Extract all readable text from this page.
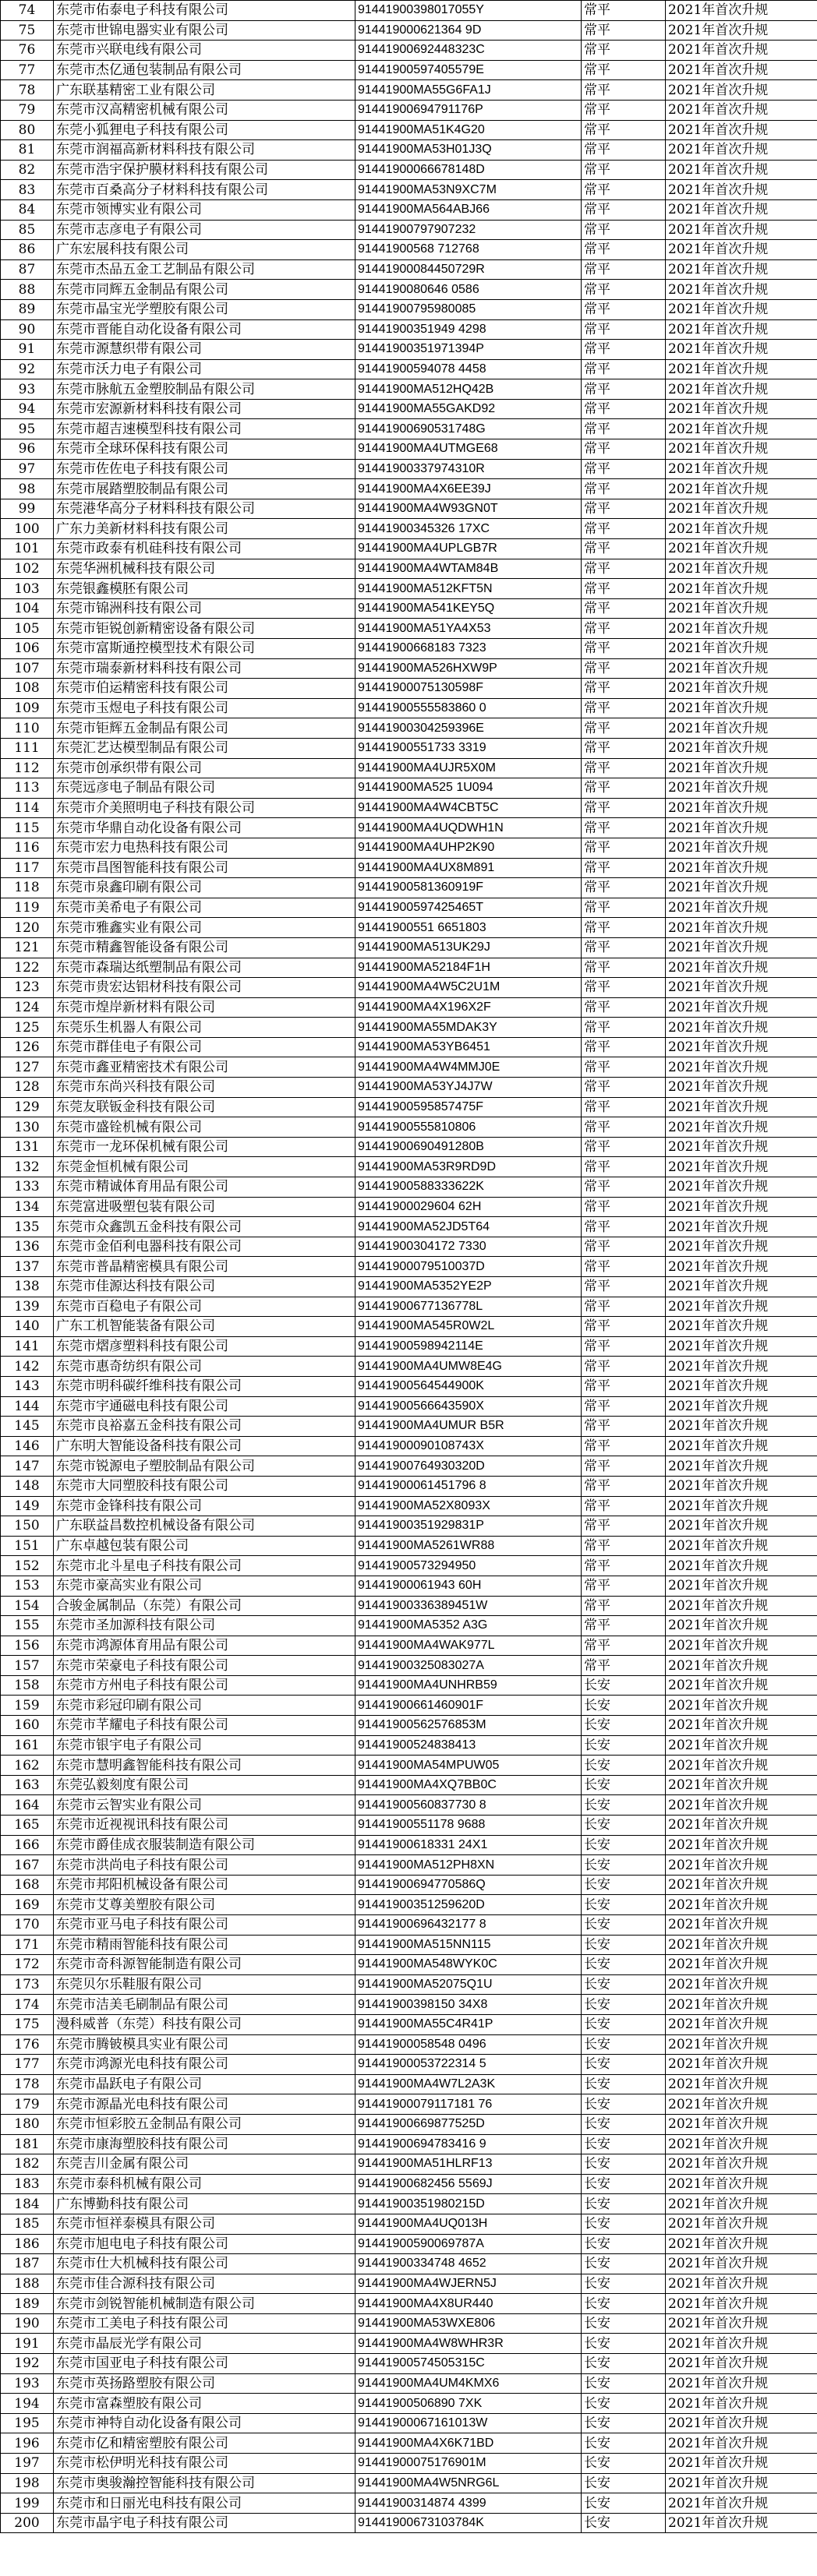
74	东莞市佑泰电子科技有限公司	91441900398017055Y	常平	2021年首次升规
75	东莞市世锦电器实业有限公司	914419000621364 9D	常平	2021年首次升规
76	东莞市兴联电线有限公司	91441900692448323C	常平	2021年首次升规
77	东莞市杰亿通包装制品有限公司	91441900597405579E	常平	2021年首次升规
78	广东联基精密工业有限公司	91441900MA55G6FA1J	常平	2021年首次升规
79	东莞市汉高精密机械有限公司	91441900694791176P	常平	2021年首次升规
80	东莞小狐狸电子科技有限公司	91441900MA51K4G20	常平	2021年首次升规
81	东莞市润福高新材料科技有限公司	91441900MA53H01J3Q	常平	2021年首次升规
82	东莞市浩宇保护膜材料科技有限公司	91441900066678148D	常平	2021年首次升规
83	东莞市百桑高分子材料科技有限公司	91441900MA53N9XC7M	常平	2021年首次升规
84	东莞市领博实业有限公司	91441900MA564ABJ66	常平	2021年首次升规
85	东莞市志彦电子有限公司	91441900797907232	常平	2021年首次升规
86	广东宏展科技有限公司	91441900568 712768	常平	2021年首次升规
87	东莞市杰品五金工艺制品有限公司	91441900084450729R	常平	2021年首次升规
88	东莞市同辉五金制品有限公司	9144190080646 0586	常平	2021年首次升规
89	东莞市晶宝光学塑胶有限公司	91441900795980085	常平	2021年首次升规
90	东莞市晋能自动化设备有限公司	91441900351949 4298	常平	2021年首次升规
91	东莞市源慧织带有限公司	91441900351971394P	常平	2021年首次升规
92	东莞市沃力电子有限公司	91441900594078 4458	常平	2021年首次升规
93	东莞市脉航五金塑胶制品有限公司	91441900MA512HQ42B	常平	2021年首次升规
94	东莞市宏源新材料科技有限公司	91441900MA55GAKD92	常平	2021年首次升规
95	东莞市超吉速模型科技有限公司	91441900690531748G	常平	2021年首次升规
96	东莞市全球环保科技有限公司	91441900MA4UTMGE68	常平	2021年首次升规
97	东莞市佐佐电子科技有限公司	91441900337974310R	常平	2021年首次升规
98	东莞市展踏塑胶制品有限公司	91441900MA4X6EE39J	常平	2021年首次升规
99	东莞港华高分子材料科技有限公司	91441900MA4W93GN0T	常平	2021年首次升规
100	广东力美新材料科技有限公司	91441900345326 17XC	常平	2021年首次升规
101	东莞市政泰有机硅科技有限公司	91441900MA4UPLGB7R	常平	2021年首次升规
102	东莞华洲机械科技有限公司	91441900MA4WTAM84B	常平	2021年首次升规
103	东莞银鑫模胚有限公司	91441900MA512KFT5N	常平	2021年首次升规
104	东莞市锦洲科技有限公司	91441900MA541KEY5Q	常平	2021年首次升规
105	东莞市钜锐创新精密设备有限公司	91441900MA51YA4X53	常平	2021年首次升规
106	东莞市富斯通控模型技术有限公司	91441900668183 7323	常平	2021年首次升规
107	东莞市瑞泰新材料科技有限公司	91441900MA526HXW9P	常平	2021年首次升规
108	东莞市伯运精密科技有限公司	91441900075130598F	常平	2021年首次升规
109	东莞市玉煜电子科技有限公司	91441900555583860 0	常平	2021年首次升规
110	东莞市钜辉五金制品有限公司	91441900304259396E	常平	2021年首次升规
111	东莞汇艺达模型制品有限公司	91441900551733 3319	常平	2021年首次升规
112	东莞市创承织带有限公司	91441900MA4UJR5X0M	常平	2021年首次升规
113	东莞远彦电子制品有限公司	91441900MA525 1U094	常平	2021年首次升规
114	东莞市介美照明电子科技有限公司	91441900MA4W4CBT5C	常平	2021年首次升规
115	东莞市华鼎自动化设备有限公司	91441900MA4UQDWH1N	常平	2021年首次升规
116	东莞市宏力电热科技有限公司	91441900MA4UHP2K90	常平	2021年首次升规
117	东莞市昌图智能科技有限公司	91441900MA4UX8M891	常平	2021年首次升规
118	东莞市泉鑫印刷有限公司	91441900581360919F	常平	2021年首次升规
119	东莞市美希电子有限公司	91441900597425465T	常平	2021年首次升规
120	东莞市雅鑫实业有限公司	91441900551 6651803	常平	2021年首次升规
121	东莞市精鑫智能设备有限公司	91441900MA513UK29J	常平	2021年首次升规
122	东莞市森瑞达纸塑制品有限公司	91441900MA52184F1H	常平	2021年首次升规
123	东莞市贵宏达铝材科技有限公司	91441900MA4W5C2U1M	常平	2021年首次升规
124	东莞市煌岸新材料有限公司	91441900MA4X196X2F	常平	2021年首次升规
125	东莞乐生机器人有限公司	91441900MA55MDAK3Y	常平	2021年首次升规
126	东莞市群佳电子有限公司	91441900MA53YB6451	常平	2021年首次升规
127	东莞市鑫亚精密技术有限公司	91441900MA4W4MMJ0E	常平	2021年首次升规
128	东莞市东尚兴科技有限公司	91441900MA53YJ4J7W	常平	2021年首次升规
129	东莞友联钣金科技有限公司	91441900595857475F	常平	2021年首次升规
130	东莞市盛铨机械有限公司	91441900555810806	常平	2021年首次升规
131	东莞市一龙环保机械有限公司	91441900690491280B	常平	2021年首次升规
132	东莞金恒机械有限公司	91441900MA53R9RD9D	常平	2021年首次升规
133	东莞市精诚体育用品有限公司	91441900588333622K	常平	2021年首次升规
134	东莞富进吸塑包装有限公司	91441900029604 62H	常平	2021年首次升规
135	东莞市众鑫凯五金科技有限公司	91441900MA52JD5T64	常平	2021年首次升规
136	东莞市金佰利电器科技有限公司	91441900304172 7330	常平	2021年首次升规
137	东莞市普晶精密模具有限公司	91441900079510037D	常平	2021年首次升规
138	东莞市佳源达科技有限公司	91441900MA5352YE2P	常平	2021年首次升规
139	东莞市百稳电子有限公司	91441900677136778L	常平	2021年首次升规
140	广东工机智能装备有限公司	91441900MA545R0W2L	常平	2021年首次升规
141	东莞市熠彦塑料科技有限公司	91441900598942114E	常平	2021年首次升规
142	东莞市惠奇纺织有限公司	91441900MA4UMW8E4G	常平	2021年首次升规
143	东莞市明科碳纤维科技有限公司	91441900564544900K	常平	2021年首次升规
144	东莞市宇通磁电科技有限公司	91441900566643590X	常平	2021年首次升规
145	东莞市良裕嘉五金科技有限公司	91441900MA4UMUR B5R	常平	2021年首次升规
146	广东明大智能设备科技有限公司	91441900090108743X	常平	2021年首次升规
147	东莞市锐源电子塑胶制品有限公司	91441900764930320D	常平	2021年首次升规
148	东莞市大同塑胶科技有限公司	91441900061451796 8	常平	2021年首次升规
149	东莞市金锋科技有限公司	91441900MA52X8093X	常平	2021年首次升规
150	广东联益昌数控机械设备有限公司	91441900351929831P	常平	2021年首次升规
151	广东卓越包装有限公司	91441900MA5261WR88	常平	2021年首次升规
152	东莞市北斗星电子科技有限公司	91441900573294950	常平	2021年首次升规
153	东莞市豪高实业有限公司	91441900061943 60H	常平	2021年首次升规
154	合骏金属制品（东莞）有限公司	91441900336389451W	常平	2021年首次升规
155	东莞市圣加源科技有限公司	91441900MA5352 A3G	常平	2021年首次升规
156	东莞市鸿源体育用品有限公司	91441900MA4WAK977L	常平	2021年首次升规
157	东莞市荣豪电子科技有限公司	91441900325083027A	常平	2021年首次升规
158	东莞市方州电子科技有限公司	91441900MA4UNHRB59	长安	2021年首次升规
159	东莞市彩冠印刷有限公司	91441900661460901F	长安	2021年首次升规
160	东莞市芊耀电子科技有限公司	91441900562576853M	长安	2021年首次升规
161	东莞市银宇电子有限公司	91441900524838413	长安	2021年首次升规
162	东莞市慧明鑫智能科技有限公司	91441900MA54MPUW05	长安	2021年首次升规
163	东莞弘毅刻度有限公司	91441900MA4XQ7BB0C	长安	2021年首次升规
164	东莞市云智实业有限公司	91441900560837730 8	长安	2021年首次升规
165	东莞市近视视讯科技有限公司	91441900551178 9688	长安	2021年首次升规
166	东莞市爵佳成衣服装制造有限公司	91441900618331 24X1	长安	2021年首次升规
167	东莞市洪尚电子科技有限公司	91441900MA512PH8XN	长安	2021年首次升规
168	东莞市邦阳机械设备有限公司	91441900694770586Q	长安	2021年首次升规
169	东莞市艾尊美塑胶有限公司	91441900351259620D	长安	2021年首次升规
170	东莞市亚马电子科技有限公司	91441900696432177 8	长安	2021年首次升规
171	东莞市精雨智能科技有限公司	91441900MA515NN115	长安	2021年首次升规
172	东莞市奇科源智能制造有限公司	91441900MA548WYK0C	长安	2021年首次升规
173	东莞贝尔乐鞋服有限公司	91441900MA52075Q1U	长安	2021年首次升规
174	东莞市洁美毛刷制品有限公司	91441900398150 34X8	长安	2021年首次升规
175	漫科威普（东莞）科技有限公司	91441900MA55C4R41P	长安	2021年首次升规
176	东莞市腾铍模具实业有限公司	91441900058548 0496	长安	2021年首次升规
177	东莞市鸿源光电科技有限公司	91441900053722314 5	长安	2021年首次升规
178	东莞市晶跃电子有限公司	91441900MA4W7L2A3K	长安	2021年首次升规
179	东莞市源晶光电科技有限公司	91441900079117181 76	长安	2021年首次升规
180	东莞市恒彩胶五金制品有限公司	91441900669877525D	长安	2021年首次升规
181	东莞市康海塑胶科技有限公司	91441900694783416 9	长安	2021年首次升规
182	东莞吉川金属有限公司	91441900MA51HLRF13	长安	2021年首次升规
183	东莞市泰科机械有限公司	91441900682456 5569J	长安	2021年首次升规
184	广东博勤科技有限公司	91441900351980215D	长安	2021年首次升规
185	东莞市恒祥泰模具有限公司	91441900MA4UQ013H	长安	2021年首次升规
186	东莞市旭电电子科技有限公司	91441900590069787A	长安	2021年首次升规
187	东莞市仕大机械科技有限公司	91441900334748 4652	长安	2021年首次升规
188	东莞市佳合源科技有限公司	91441900MA4WJERN5J	长安	2021年首次升规
189	东莞市剑锐智能机械制造有限公司	91441900MA4X8UR440	长安	2021年首次升规
190	东莞市工美电子科技有限公司	91441900MA53WXE806	长安	2021年首次升规
191	东莞市晶辰光学有限公司	91441900MA4W8WHR3R	长安	2021年首次升规
192	东莞市国亚电子科技有限公司	91441900574505315C	长安	2021年首次升规
193	东莞市英扬路塑胶有限公司	91441900MA4UM4KMX6	长安	2021年首次升规
194	东莞市富森塑胶有限公司	91441900506890 7XK	长安	2021年首次升规
195	东莞市神特自动化设备有限公司	91441900067161013W	长安	2021年首次升规
196	东莞市亿和精密塑胶有限公司	91441900MA4X6K71BD	长安	2021年首次升规
197	东莞市松伊明光科技有限公司	91441900075176901M	长安	2021年首次升规
198	东莞市奥骏瀚控智能科技有限公司	91441900MA4W5NRG6L	长安	2021年首次升规
199	东莞市和日丽光电科技有限公司	91441900314874 4399	长安	2021年首次升规
200	东莞市晶宇电子科技有限公司	91441900673103784K	长安	2021年首次升规
